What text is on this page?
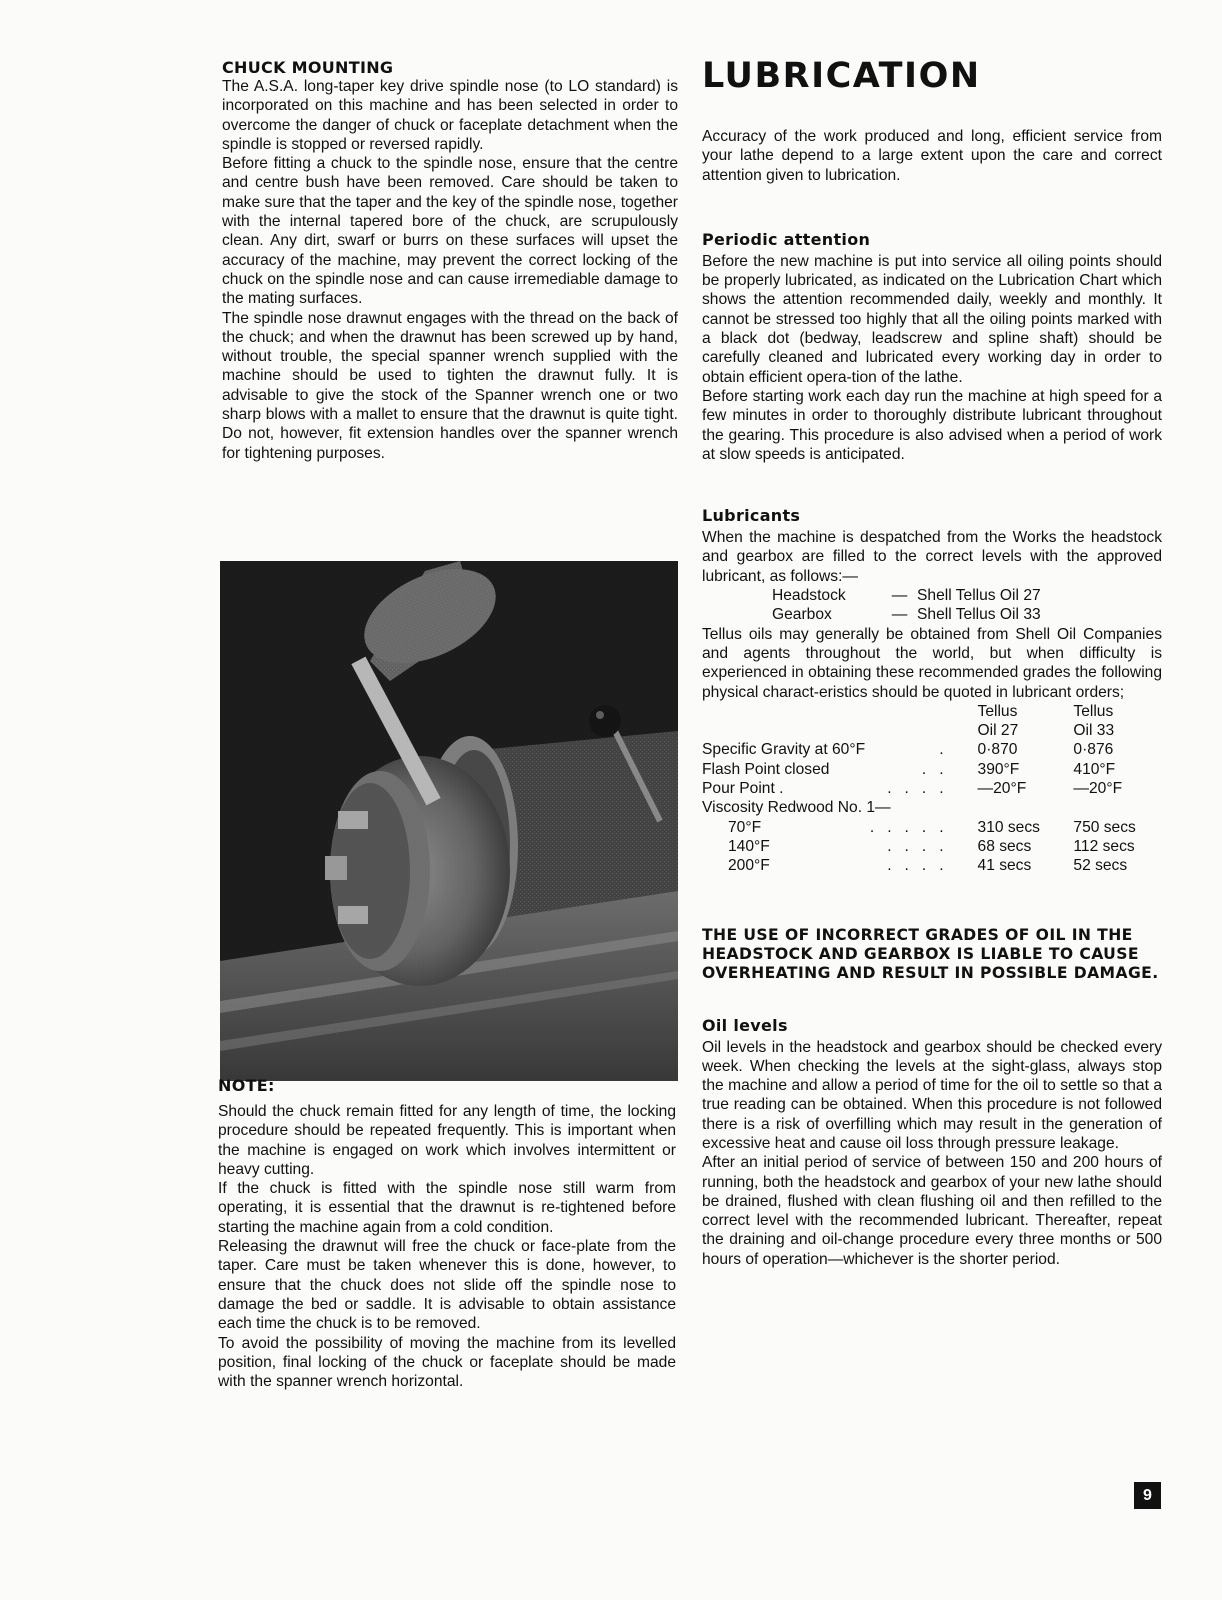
CHUCK MOUNTING

The A.S.A. long-taper key drive spindle nose (to LO standard) is incorporated on this machine and has been selected in order to overcome the danger of chuck or faceplate detachment when the spindle is stopped or reversed rapidly.

Before fitting a chuck to the spindle nose, ensure that the centre and centre bush have been removed. Care should be taken to make sure that the taper and the key of the spindle nose, together with the internal tapered bore of the chuck, are scrupulously clean. Any dirt, swarf or burrs on these surfaces will upset the accuracy of the machine, may prevent the correct locking of the chuck on the spindle nose and can cause irremediable damage to the mating surfaces.

The spindle nose drawnut engages with the thread on the back of the chuck; and when the drawnut has been screwed up by hand, without trouble, the special spanner wrench supplied with the machine should be used to tighten the drawnut fully. It is advisable to give the stock of the Spanner wrench one or two sharp blows with a mallet to ensure that the drawnut is quite tight. Do not, however, fit extension handles over the spanner wrench for tightening purposes.

NOTE:

Should the chuck remain fitted for any length of time, the locking procedure should be repeated frequently. This is important when the machine is engaged on work which involves intermittent or heavy cutting.

If the chuck is fitted with the spindle nose still warm from operating, it is essential that the drawnut is re-tightened before starting the machine again from a cold condition.

Releasing the drawnut will free the chuck or face-plate from the taper. Care must be taken whenever this is done, however, to ensure that the chuck does not slide off the spindle nose to damage the bed or saddle. It is advisable to obtain assistance each time the chuck is to be removed.

To avoid the possibility of moving the machine from its levelled position, final locking of the chuck or faceplate should be made with the spanner wrench horizontal.

LUBRICATION

Accuracy of the work produced and long, efficient service from your lathe depend to a large extent upon the care and correct attention given to lubrication.

Periodic attention

Before the new machine is put into service all oiling points should be properly lubricated, as indicated on the Lubrication Chart which shows the attention recommended daily, weekly and monthly. It cannot be stressed too highly that all the oiling points marked with a black dot (bedway, leadscrew and spline shaft) should be carefully cleaned and lubricated every working day in order to obtain efficient opera-tion of the lathe.

Before starting work each day run the machine at high speed for a few minutes in order to thoroughly distribute lubricant throughout the gearing. This procedure is also advised when a period of work at slow speeds is anticipated.

Lubricants

When the machine is despatched from the Works the headstock and gearbox are filled to the correct levels with the approved lubricant, as follows:—

Headstock	— Shell Tellus Oil 27
Gearbox	— Shell Tellus Oil 33

Tellus oils may generally be obtained from Shell Oil Companies and agents throughout the world, but when difficulty is experienced in obtaining these recommended grades the following physical charact-eristics should be quoted in lubricant orders;

	Tellus	Tellus
	Oil 27	Oil 33
Specific Gravity at 60°F .	0·870	0·876
Flash Point closed .   .	390°F	410°F
Pour Point . .   .   .   .	—20°F	—20°F
Viscosity Redwood No. 1—		
70°F .   .   .   .   .	310 secs	750 secs
140°F .   .   .   .	68 secs	112 secs
200°F .   .   .   .	41 secs	52 secs

THE USE OF INCORRECT GRADES OF OIL IN THE HEADSTOCK AND GEARBOX IS LIABLE TO CAUSE OVERHEATING AND RESULT IN POSSIBLE DAMAGE.

Oil levels

Oil levels in the headstock and gearbox should be checked every week. When checking the levels at the sight-glass, always stop the machine and allow a period of time for the oil to settle so that a true reading can be obtained. When this procedure is not followed there is a risk of overfilling which may result in the generation of excessive heat and cause oil loss through pressure leakage.

After an initial period of service of between 150 and 200 hours of running, both the headstock and gearbox of your new lathe should be drained, flushed with clean flushing oil and then refilled to the correct level with the recommended lubricant. Thereafter, repeat the draining and oil-change procedure every three months or 500 hours of operation—whichever is the shorter period.

9
